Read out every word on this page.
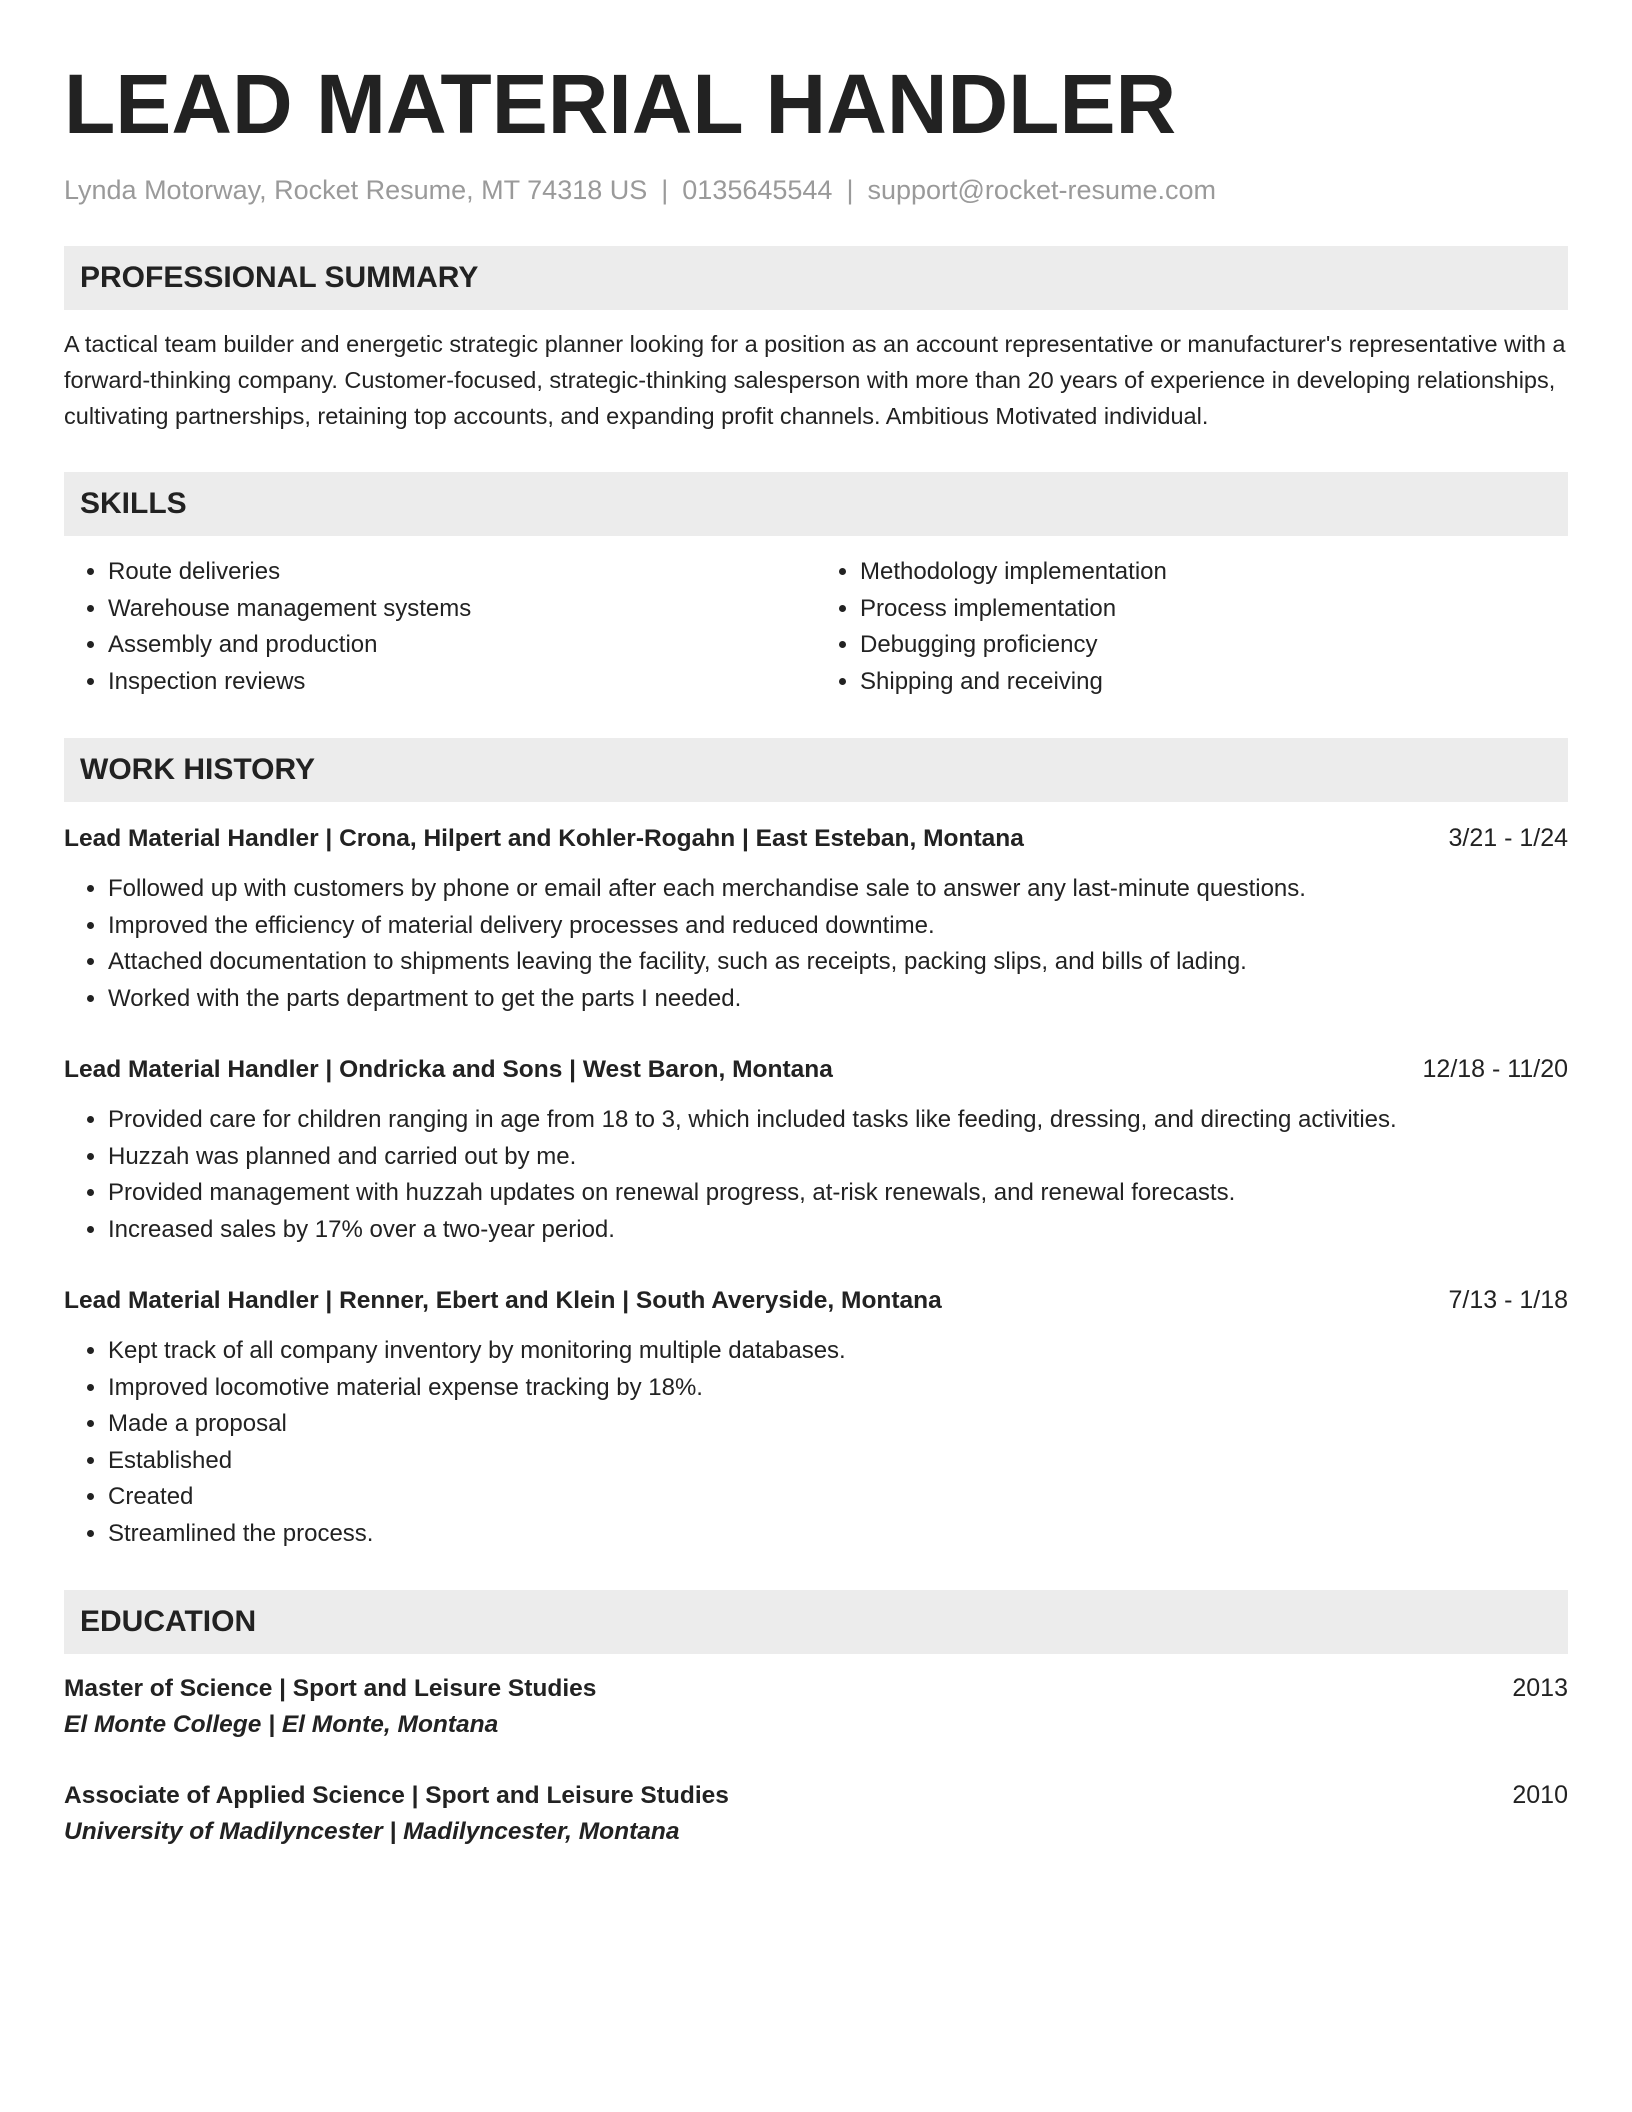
LEAD MATERIAL HANDLER
Lynda Motorway, Rocket Resume, MT 74318 US | 0135645544 | support@rocket-resume.com
PROFESSIONAL SUMMARY
A tactical team builder and energetic strategic planner looking for a position as an account representative or manufacturer's representative with a forward-thinking company. Customer-focused, strategic-thinking salesperson with more than 20 years of experience in developing relationships, cultivating partnerships, retaining top accounts, and expanding profit channels. Ambitious Motivated individual.
SKILLS
• Route deliveries
• Warehouse management systems
• Assembly and production
• Inspection reviews
• Methodology implementation
• Process implementation
• Debugging proficiency
• Shipping and receiving
WORK HISTORY
Lead Material Handler | Crona, Hilpert and Kohler-Rogahn | East Esteban, Montana	3/21 - 1/24
• Followed up with customers by phone or email after each merchandise sale to answer any last-minute questions.
• Improved the efficiency of material delivery processes and reduced downtime.
• Attached documentation to shipments leaving the facility, such as receipts, packing slips, and bills of lading.
• Worked with the parts department to get the parts I needed.
Lead Material Handler | Ondricka and Sons | West Baron, Montana	12/18 - 11/20
• Provided care for children ranging in age from 18 to 3, which included tasks like feeding, dressing, and directing activities.
• Huzzah was planned and carried out by me.
• Provided management with huzzah updates on renewal progress, at-risk renewals, and renewal forecasts.
• Increased sales by 17% over a two-year period.
Lead Material Handler | Renner, Ebert and Klein | South Averyside, Montana	7/13 - 1/18
• Kept track of all company inventory by monitoring multiple databases.
• Improved locomotive material expense tracking by 18%.
• Made a proposal
• Established
• Created
• Streamlined the process.
EDUCATION
Master of Science | Sport and Leisure Studies	2013
El Monte College | El Monte, Montana
Associate of Applied Science | Sport and Leisure Studies	2010
University of Madilyncester | Madilyncester, Montana
